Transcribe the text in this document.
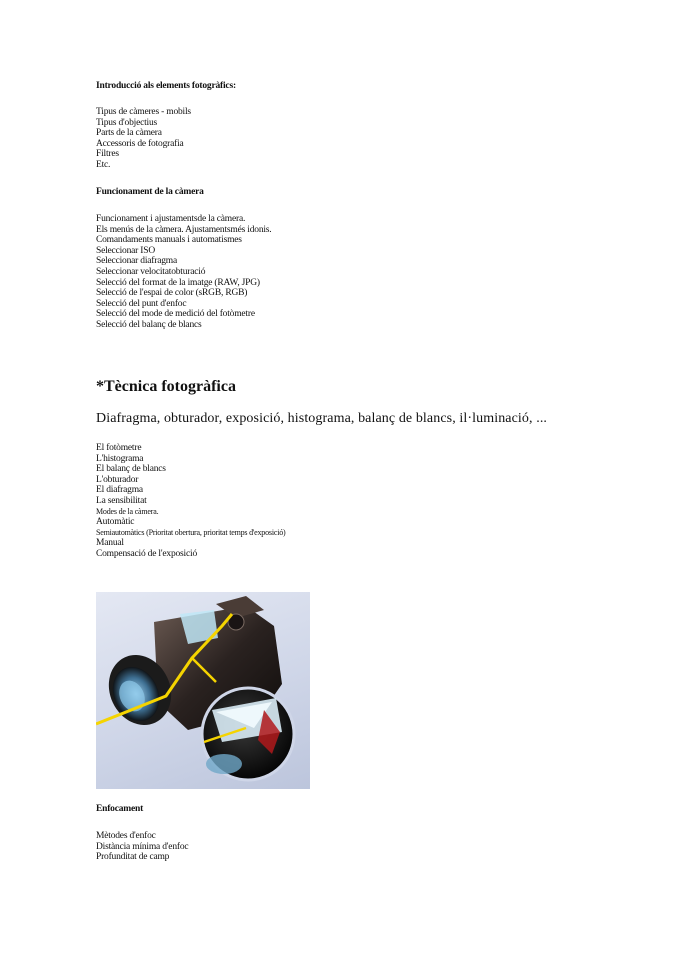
Introducció als elements fotogràfics:
Tipus de càmeres - mobils
Tipus d'objectius
Parts de la càmera
Accessoris de fotografia
Filtres
Etc.
Funcionament de la càmera
Funcionament i ajustamentsde la càmera.
Els menús de la càmera. Ajustamentsmés idonis.
Comandaments manuals i automatismes
Seleccionar ISO
Seleccionar diafragma
Seleccionar velocitatobturació
Selecció del format de la imatge (RAW, JPG)
Selecció de l'espai de color (sRGB, RGB)
Selecció del punt d'enfoc
Selecció del mode de medició del fotòmetre
Selecció del balanç de blancs
*Tècnica fotogràfica
Diafragma, obturador, exposició, histograma, balanç de blancs, il·luminació, ...
El fotòmetre
L'histograma
El balanç de blancs
L'obturador
El diafragma
La sensibilitat
Modes de la càmera.
Automàtic
Semiautomàtics (Prioritat obertura, prioritat temps d'exposició)
Manual
Compensació de l'exposició
Enfocament
Mètodes d'enfoc
Distància mínima d'enfoc
Profunditat de camp
